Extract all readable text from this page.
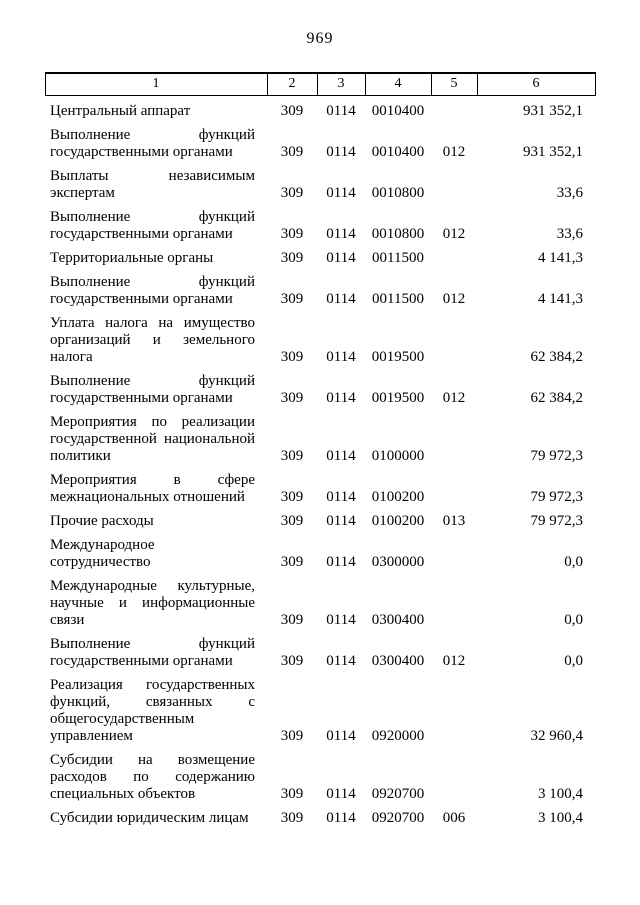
969
1	2	3	4	5	6
Центральный аппарат	309	0114	0010400		931 352,1
Выполнение функций государственными органами	309	0114	0010400	012	931 352,1
Выплаты независимым экспертам	309	0114	0010800		33,6
Выполнение функций государственными органами	309	0114	0010800	012	33,6
Территориальные органы	309	0114	0011500		4 141,3
Выполнение функций государственными органами	309	0114	0011500	012	4 141,3
Уплата налога на имущество организаций и земельного налога	309	0114	0019500		62 384,2
Выполнение функций государственными органами	309	0114	0019500	012	62 384,2
Мероприятия по реализации государственной национальной политики	309	0114	0100000		79 972,3
Мероприятия в сфере межнациональных отношений	309	0114	0100200		79 972,3
Прочие расходы	309	0114	0100200	013	79 972,3
Международное сотрудничество	309	0114	0300000		0,0
Международные культурные, научные и информационные связи	309	0114	0300400		0,0
Выполнение функций государственными органами	309	0114	0300400	012	0,0
Реализация государственных функций, связанных с общегосударственным управлением	309	0114	0920000		32 960,4
Субсидии на возмещение расходов по содержанию специальных объектов	309	0114	0920700		3 100,4
Субсидии юридическим лицам	309	0114	0920700	006	3 100,4
